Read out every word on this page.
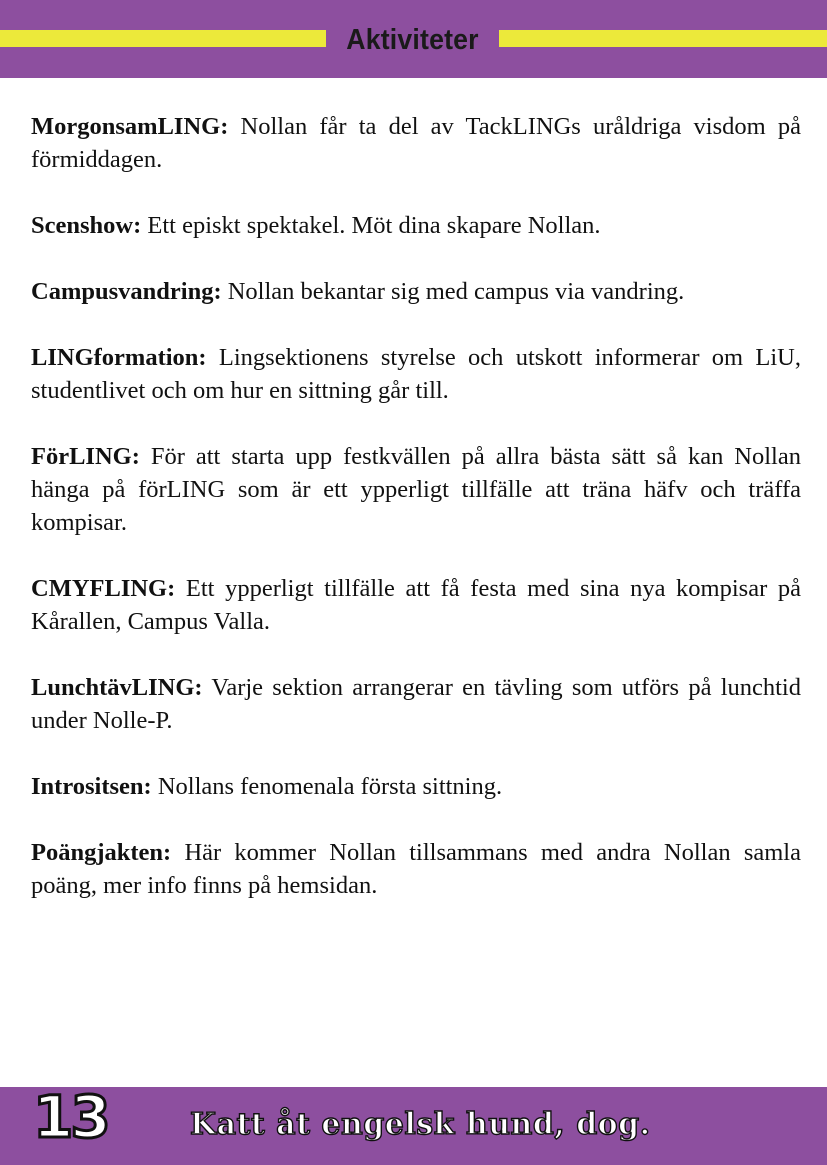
Aktiviteter

MorgonsamLING: Nollan får ta del av TackLINGs uråldriga visdom på förmiddagen.

Scenshow: Ett episkt spektakel. Möt dina skapare Nollan.

Campusvandring: Nollan bekantar sig med campus via vandring.

LINGformation: Lingsektionens styrelse och utskott informerar om LiU, studentlivet och om hur en sittning går till.

FörLING: För att starta upp festkvällen på allra bästa sätt så kan Nollan hänga på förLING som är ett ypperligt tillfälle att träna häfv och träffa kompisar.

CMYFLING: Ett ypperligt tillfälle att få festa med sina nya kompisar på Kårallen, Campus Valla.

LunchtävLING: Varje sektion arrangerar en tävling som utförs på lunchtid under Nolle-P.

Intrositsen: Nollans fenomenala första sittning.

Poängjakten: Här kommer Nollan tillsammans med andra Nollan samla poäng, mer info finns på hemsidan.

13	Katt åt engelsk hund, dog.
